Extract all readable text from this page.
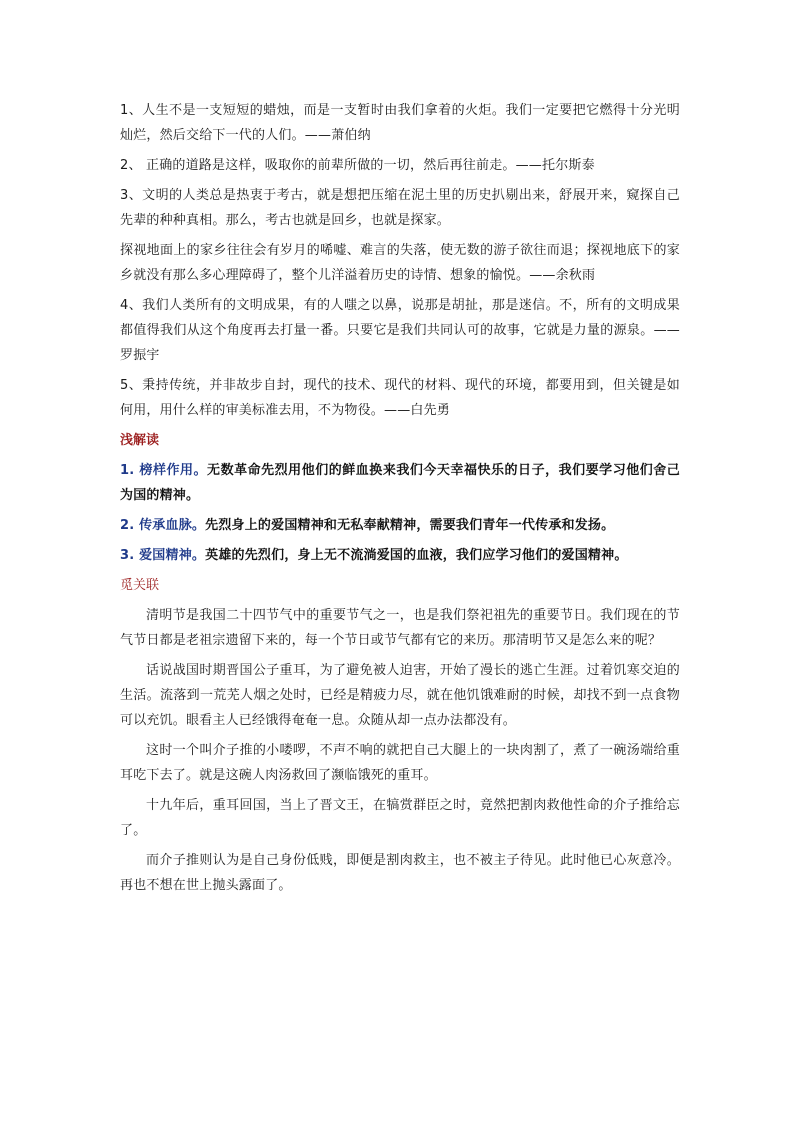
1、人生不是一支短短的蜡烛，而是一支暂时由我们拿着的火炬。我们一定要把它燃得十分光明灿烂，然后交给下一代的人们。——萧伯纳

2、 正确的道路是这样，吸取你的前辈所做的一切，然后再往前走。——托尔斯泰

3、文明的人类总是热衷于考古，就是想把压缩在泥土里的历史扒剔出来，舒展开来，窥探自己先辈的种种真相。那么，考古也就是回乡，也就是探家。

探视地面上的家乡往往会有岁月的唏嘘、难言的失落，使无数的游子欲往而退；探视地底下的家乡就没有那么多心理障碍了，整个儿洋溢着历史的诗情、想象的愉悦。——余秋雨

4、我们人类所有的文明成果，有的人嗤之以鼻，说那是胡扯，那是迷信。不，所有的文明成果都值得我们从这个角度再去打量一番。只要它是我们共同认可的故事，它就是力量的源泉。——罗振宇

5、秉持传统，并非故步自封，现代的技术、现代的材料、现代的环境，都要用到，但关键是如何用，用什么样的审美标准去用，不为物役。——白先勇

浅解读

1. 榜样作用。无数革命先烈用他们的鲜血换来我们今天幸福快乐的日子，我们要学习他们舍己为国的精神。

2. 传承血脉。先烈身上的爱国精神和无私奉献精神，需要我们青年一代传承和发扬。

3. 爱国精神。英雄的先烈们，身上无不流淌爱国的血液，我们应学习他们的爱国精神。

觅关联

清明节是我国二十四节气中的重要节气之一，也是我们祭祀祖先的重要节日。我们现在的节气节日都是老祖宗遗留下来的，每一个节日或节气都有它的来历。那清明节又是怎么来的呢？

话说战国时期晋国公子重耳，为了避免被人迫害，开始了漫长的逃亡生涯。过着饥寒交迫的生活。流落到一荒芜人烟之处时，已经是精疲力尽，就在他饥饿难耐的时候，却找不到一点食物可以充饥。眼看主人已经饿得奄奄一息。众随从却一点办法都没有。

这时一个叫介子推的小喽啰，不声不响的就把自己大腿上的一块肉割了，煮了一碗汤端给重耳吃下去了。就是这碗人肉汤救回了濒临饿死的重耳。

十九年后，重耳回国，当上了晋文王，在犒赏群臣之时，竟然把割肉救他性命的介子推给忘了。

而介子推则认为是自己身份低贱，即便是割肉救主，也不被主子待见。此时他已心灰意冷。再也不想在世上抛头露面了。
